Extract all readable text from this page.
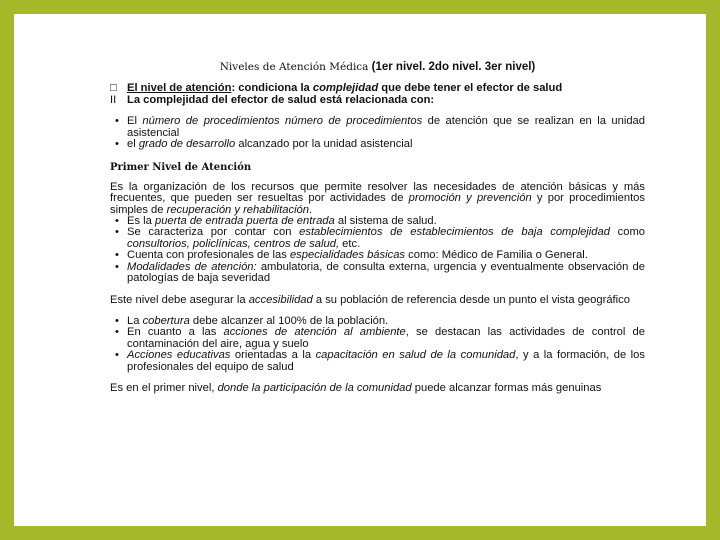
Niveles de Atención Médica (1er nivel. 2do nivel. 3er nivel)
□ El nivel de atención: condiciona la complejidad que debe tener el efector de salud
II La complejidad del efector de salud está relacionada con:
• El número de procedimientos número de procedimientos de atención que se realizan en la unidad asistencial
• el grado de desarrollo alcanzado por la unidad asistencial
Primer Nivel de Atención

Es la organización de los recursos que permite resolver las necesidades de atención básicas y más frecuentes, que pueden ser resueltas por actividades de promoción y prevención y por procedimientos simples de recuperación y rehabilitación.

• Es la puerta de entrada puerta de entrada al sistema de salud.
• Se caracteriza por contar con establecimientos de establecimientos de baja complejidad como consultorios, policlínicas, centros de salud, etc.
• Cuenta con profesionales de las especialidades básicas como: Médico de Familia o General.
• Modalidades de atención: ambulatoria, de consulta externa, urgencia y eventualmente observación de patologías de baja severidad

Este nivel debe asegurar la accesibilidad a su población de referencia desde un punto el vista geográfico

• La cobertura debe alcanzer al 100% de la población.
• En cuanto a las acciones de atención al ambiente, se destacan las actividades de control de contaminación del aire, agua y suelo
• Acciones educativas orientadas a la capacitación en salud de la comunidad, y a la formación, de los profesionales del equipo de salud

Es en el primer nivel, donde la participación de la comunidad puede alcanzar formas más genuinas
